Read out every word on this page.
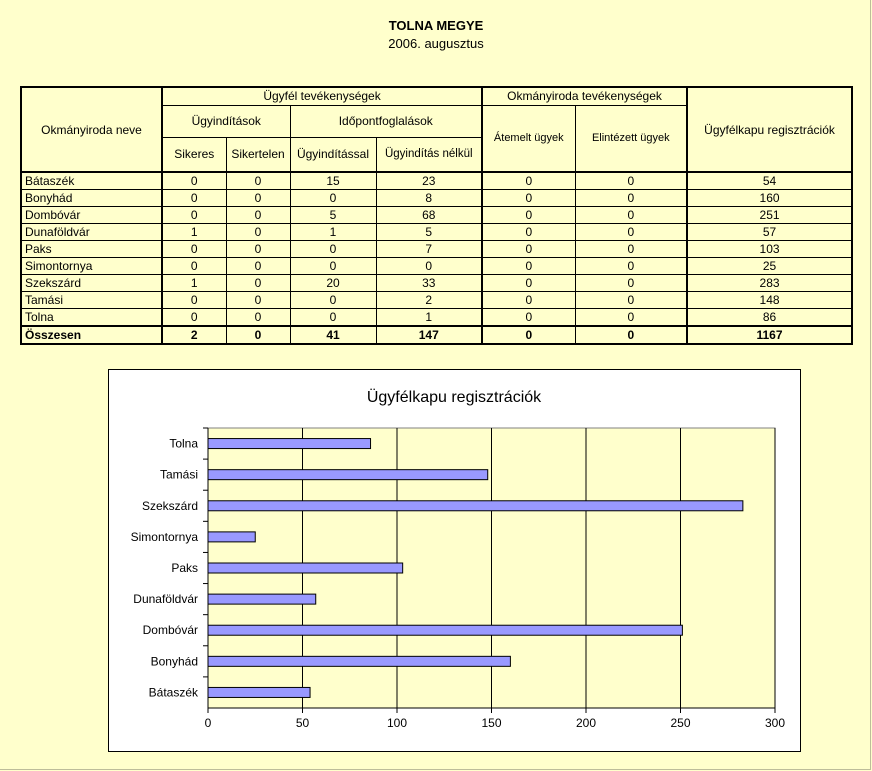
TOLNA MEGYE
2006. augusztus
Okmányiroda neve	Ügyfél tevékenységek				Okmányiroda tevékenységek		Ügyfélkapu regisztrációk
	Ügyindítások		Időpontfoglalások		Átemelt ügyek	Elintézett ügyek	
	Sikeres	Sikertelen	Ügyindítással	Ügyindítás nélkül			
Bátaszék	0	0	15	23	0	0	54
Bonyhád	0	0	0	8	0	0	160
Dombóvár	0	0	5	68	0	0	251
Dunaföldvár	1	0	1	5	0	0	57
Paks	0	0	0	7	0	0	103
Simontornya	0	0	0	0	0	0	25
Szekszárd	1	0	20	33	0	0	283
Tamási	0	0	0	2	0	0	148
Tolna	0	0	0	1	0	0	86
Összesen	2	0	41	147	0	0	1167
Ügyfélkapu regisztrációk
0	50	100	150	200	250	300
Tolna
Tamási
Szekszárd
Simontornya
Paks
Dunaföldvár
Dombóvár
Bonyhád
Bátaszék
